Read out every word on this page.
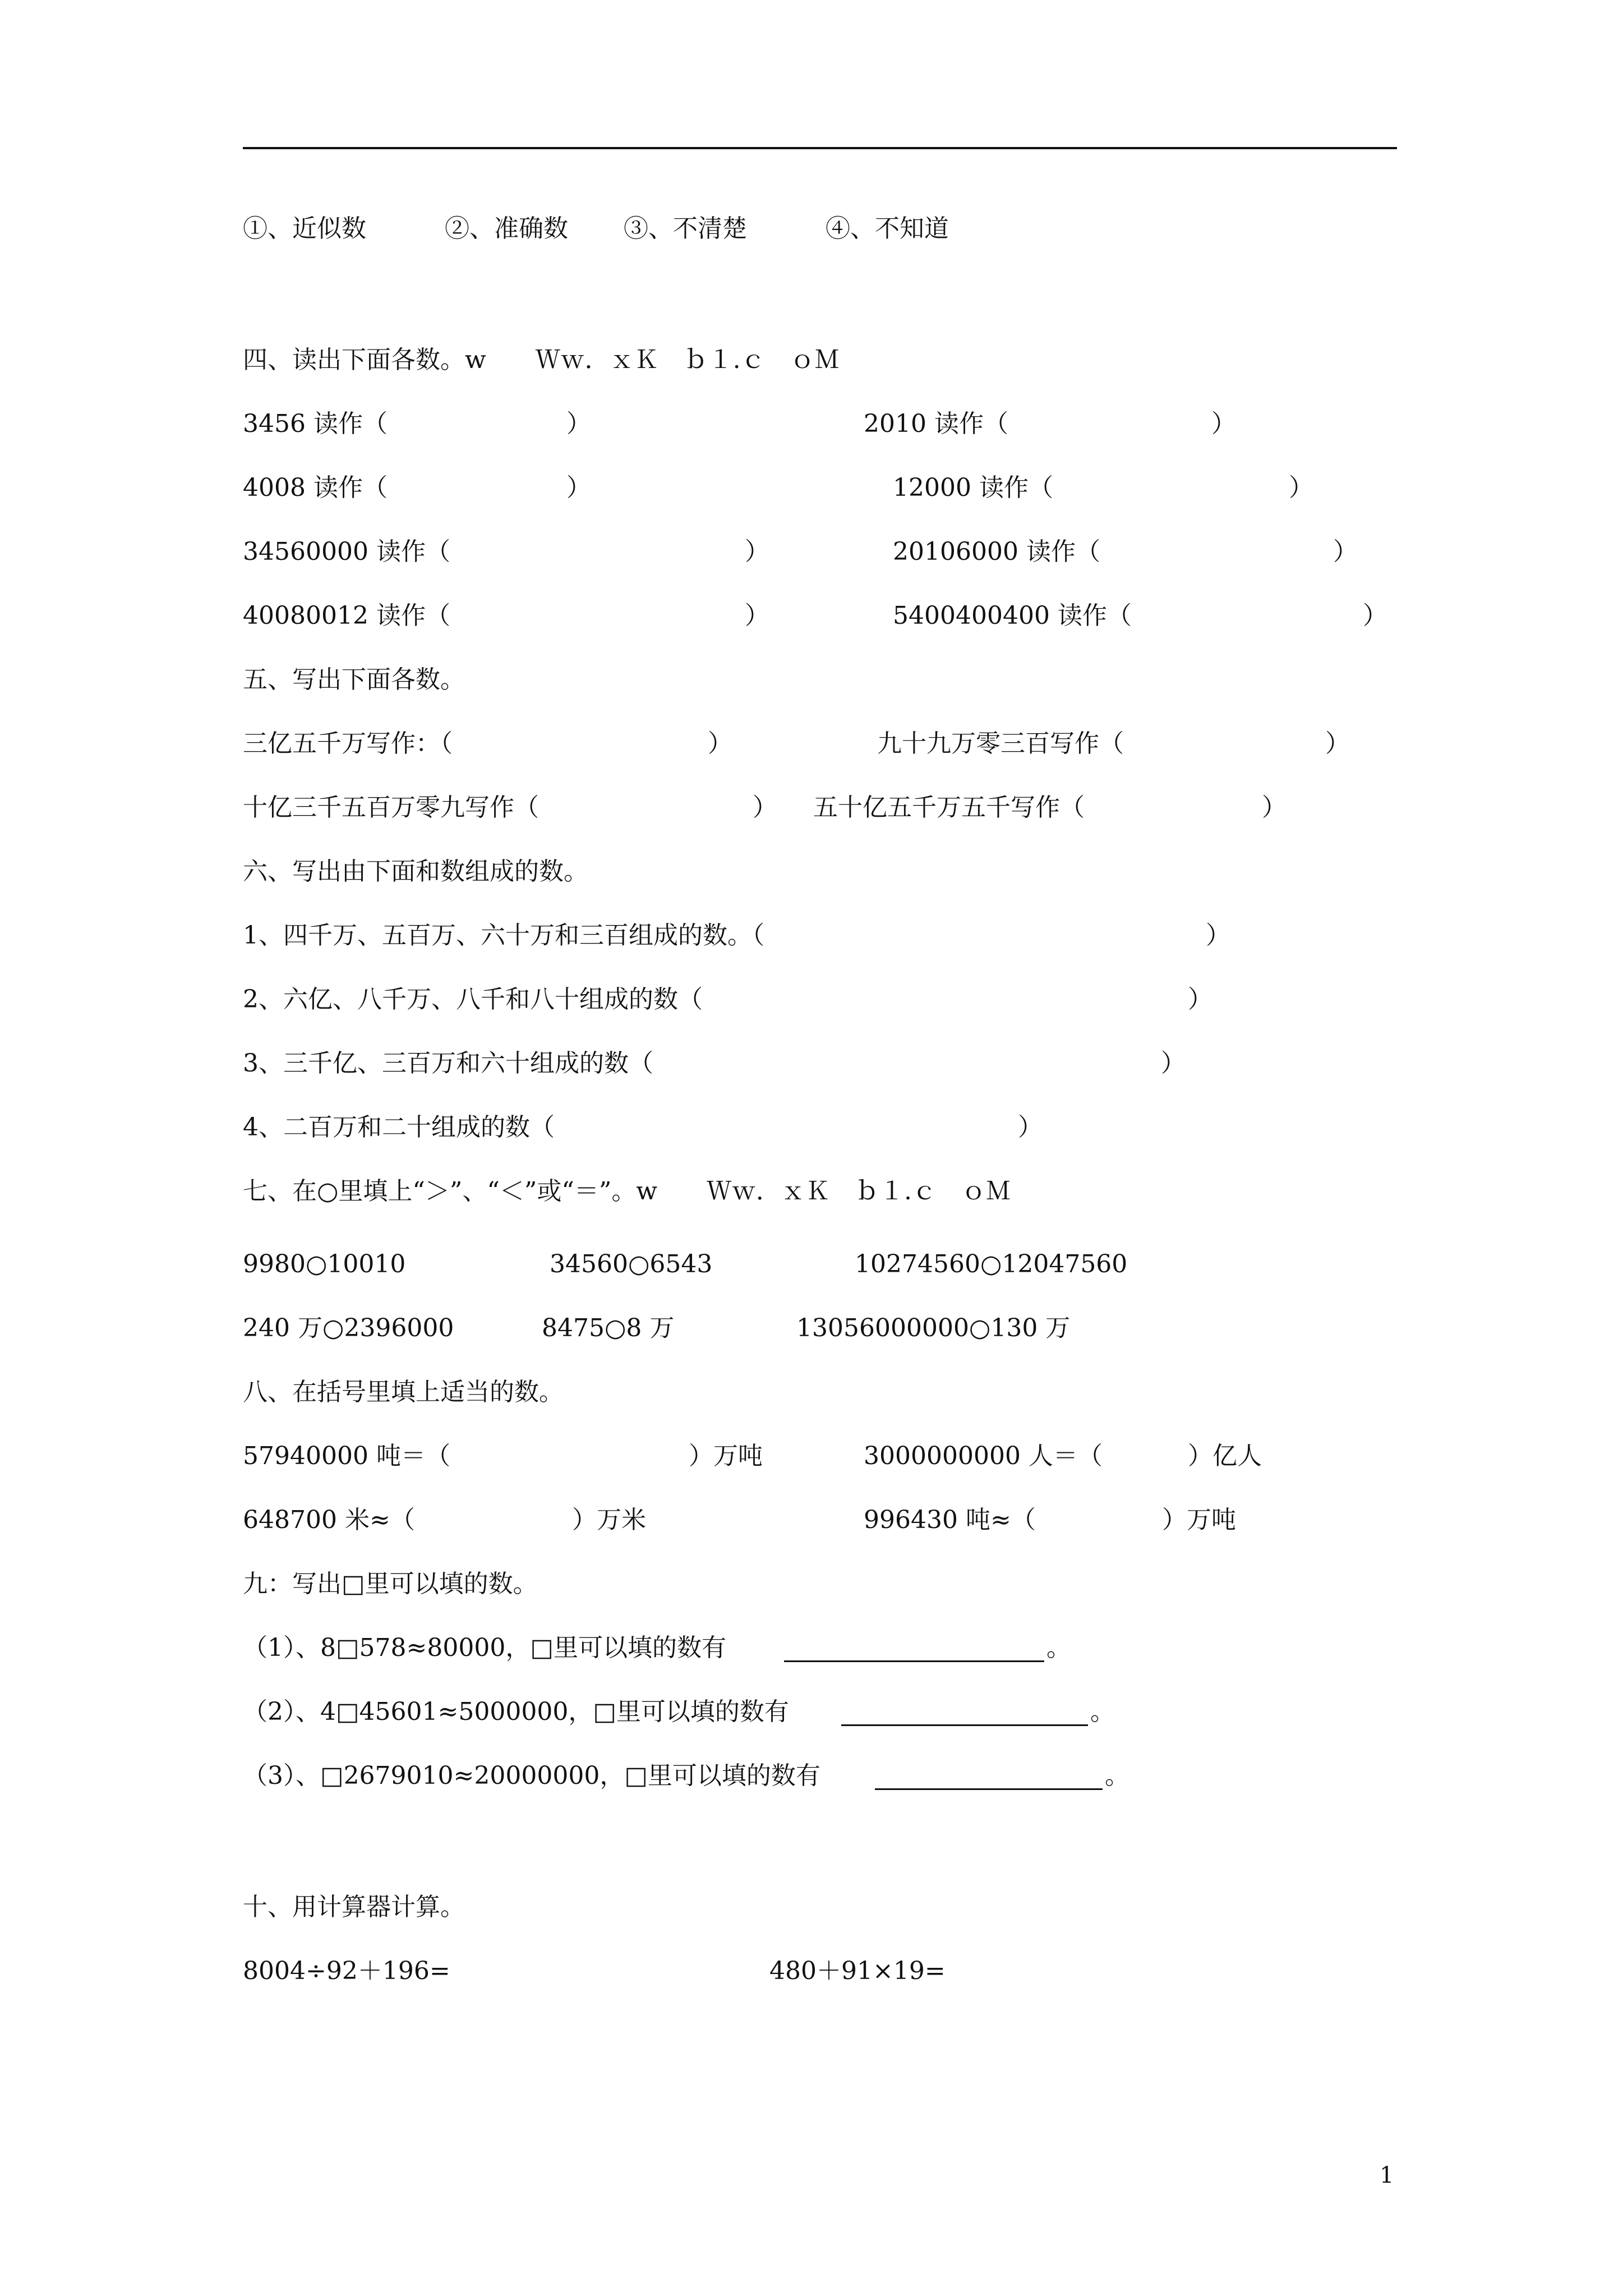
①、近似数	②、准确数 ③、不清楚	④、不知道
四、读出下面各数。w　　Ｗｗ．ｘＫ　ｂ１.ｃ　ｏＭ
3456 读作（	）	2010 读作（	）
4008 读作（	）	12000 读作（	）
34560000 读作（	）	20106000 读作（	）
40080012 读作（	）	5400400400 读作（	）
五、写出下面各数。
三亿五千万写作：（	）	九十九万零三百写作（	）
十亿三千五百万零九写作（	） 五十亿五千万五千写作（	）
六、写出由下面和数组成的数。
1、四千万、五百万、六十万和三百组成的数。（	）
2、六亿、八千万、八千和八十组成的数（	）
3、三千亿、三百万和六十组成的数（	）
4、二百万和二十组成的数（	）
七、在○里填上“＞”、“＜”或“＝”。w　　Ｗｗ．ｘＫ　ｂ１.ｃ　ｏＭ
9980○10010	34560○6543	10274560○12047560
240 万○2396000	8475○8 万	13056000000○130 万
八、在括号里填上适当的数。
57940000 吨＝（	）万吨	3000000000 人＝（	）亿人
648700 米≈（	）万米	996430 吨≈（	）万吨
九：写出□里可以填的数。
（1）、8□578≈80000，□里可以填的数有	。
（2）、4□45601≈5000000，□里可以填的数有	。
（3）、□2679010≈20000000，□里可以填的数有	。
十、用计算器计算。
8004÷92＋196=	480＋91×19=
1
